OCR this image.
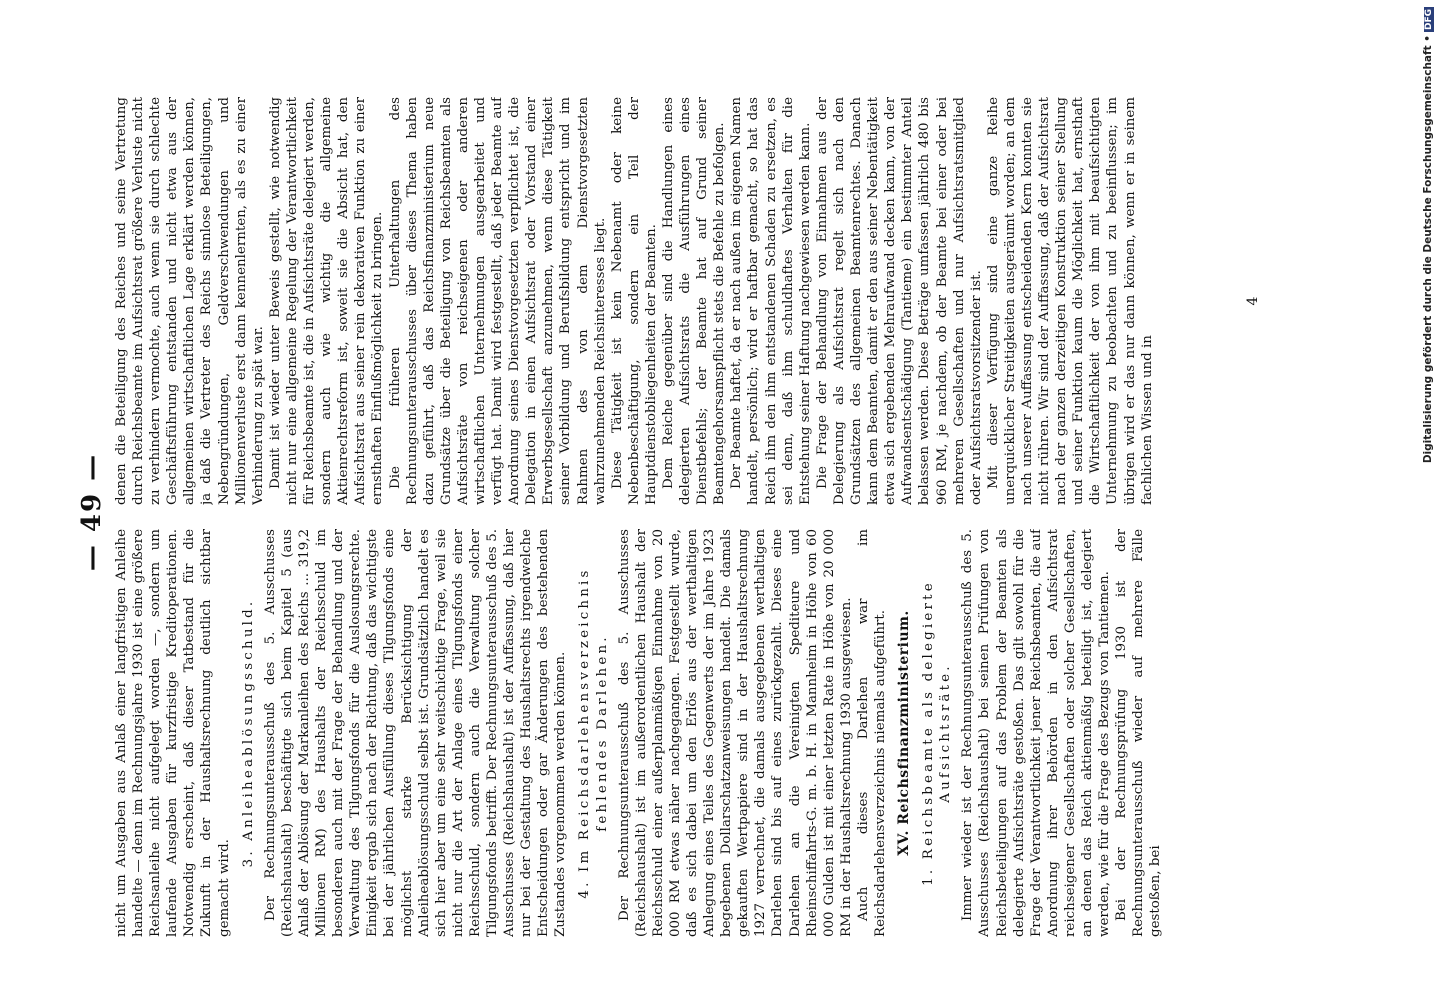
— 49 —

nicht um Ausgaben aus Anlaß einer langfristigen Anleihe handelte — denn im Rechnungsjahre 1930 ist eine größere Reichsanleihe nicht aufgelegt worden —, sondern um laufende Ausgaben für kurzfristige Kreditoperationen. Notwendig erscheint, daß dieser Tatbestand für die Zukunft in der Haushaltsrechnung deutlich sichtbar gemacht wird.

3. Anleiheablösungsschuld. Der Rechnungsunterausschuß des 5. Ausschusses (Reichshaushalt) beschäftigte sich beim Kapitel 5 (aus Anlaß der Ablösung der Markanleihen des Reichs ... 319,2 Millionen RM) des Haushalts der Reichsschuld im besonderen auch mit der Frage der Behandlung und der Verwaltung des Tilgungsfonds für die Auslosungsrechte. Einigkeit ergab sich nach der Richtung, daß das wichtigste bei der jährlichen Ausfüllung dieses Tilgungsfonds eine möglichst starke Berücksichtigung der Anleiheablösungsschuld selbst ist. Grundsätzlich handelt es sich hier aber um eine sehr weitschichtige Frage, weil sie nicht nur die Art der Anlage eines Tilgungsfonds einer Reichsschuld, sondern auch die Verwaltung solcher Tilgungsfonds betrifft. Der Rechnungsunterausschuß des 5. Ausschusses (Reichshaushalt) ist der Auffassung, daß hier nur bei der Gestaltung des Haushaltsrechts irgendwelche Entscheidungen oder gar Änderungen des bestehenden Zustandes vorgenommen werden können. 4. Im Reichsdarlehensverzeichnis fehlendes Darlehen. Der Rechnungsunterausschuß des 5. Ausschusses (Reichshaushalt) ist im außerordentlichen Haushalt der Reichsschuld einer außerplanmäßigen Einnahme von 20 000 RM etwas näher nachgegangen. Festgestellt wurde, daß es sich dabei um den Erlös aus der werthaltigen Anlegung eines Teiles des Gegenwerts der im Jahre 1923 begebenen Dollarschatzanweisungen handelt. Die damals gekauften Wertpapiere sind in der Haushaltsrechnung 1927 verrechnet, die damals ausgegebenen werthaltigen Darlehen sind bis auf eines zurückgezahlt. Dieses eine Darlehen an die Vereinigten Spediteure und Rheinschiffahrts-G. m. b. H. in Mannheim in Höhe von 60 000 Gulden ist mit einer letzten Rate in Höhe von 20 000 RM in der Haushaltsrechnung 1930 ausgewiesen. Auch dieses Darlehen war im Reichsdarlehensverzeichnis niemals aufgeführt. XV. Reichsfinanzministerium. 1. Reichsbeamte als delegierte Aufsichtsräte. Immer wieder ist der Rechnungsunterausschuß des 5. Ausschusses (Reichshaushalt) bei seinen Prüfungen von Reichsbeteiligungen auf das Problem der Beamten als delegierte Aufsichtsräte gestoßen. Das gilt sowohl für die Frage der Verantwortlichkeit jener Reichsbeamten, die auf Anordnung ihrer Behörden in den Aufsichtsrat reichseigener Gesellschaften oder solcher Gesellschaften, an denen das Reich aktienmäßig beteiligt ist, delegiert werden, wie für die Frage des Bezugs von Tantiemen. Bei der Rechnungsprüfung 1930 ist der Rechnungsunterausschuß wieder auf mehrere Fälle gestoßen, bei

denen die Beteiligung des Reiches und seine Vertretung durch Reichsbeamte im Aufsichtsrat größere Verluste nicht zu verhindern vermochte, auch wenn sie durch schlechte Geschäftsführung entstanden und nicht etwa aus der allgemeinen wirtschaftlichen Lage erklärt werden können, ja daß die Vertreter des Reichs sinnlose Beteiligungen, Nebengründungen, Geldverschwendungen und Millionenverluste erst dann kennenlernten, als es zu einer Verhinderung zu spät war. Damit ist wieder unter Beweis gestellt, wie notwendig nicht nur eine allgemeine Regelung der Verantwortlichkeit für Reichsbeamte ist, die in Aufsichtsräte delegiert werden, sondern auch wie wichtig die allgemeine Aktienrechtsreform ist, soweit sie die Absicht hat, den Aufsichtsrat aus seiner rein dekorativen Funktion zu einer ernsthaften Einflußmöglichkeit zu bringen. Die früheren Unterhaltungen des Rechnungsunterausschusses über dieses Thema haben dazu geführt, daß das Reichsfinanzministerium neue Grundsätze über die Beteiligung von Reichsbeamten als Aufsichtsräte von reichseigenen oder anderen wirtschaftlichen Unternehmungen ausgearbeitet und verfügt hat. Damit wird festgestellt, daß jeder Beamte auf Anordnung seines Dienstvorgesetzten verpflichtet ist, die Delegation in einen Aufsichtsrat oder Vorstand einer Erwerbsgesellschaft anzunehmen, wenn diese Tätigkeit seiner Vorbildung und Berufsbildung entspricht und im Rahmen des von dem Dienstvorgesetzten wahrzunehmenden Reichsinteresses liegt. Diese Tätigkeit ist kein Nebenamt oder keine Nebenbeschäftigung, sondern ein Teil der Hauptdienstobliegenheiten der Beamten. Dem Reiche gegenüber sind die Handlungen eines delegierten Aufsichtsrats die Ausführungen eines Dienstbefehls; der Beamte hat auf Grund seiner Beamtengehorsamspflicht stets die Befehle zu befolgen. Der Beamte haftet, da er nach außen im eigenen Namen handelt, persönlich; wird er haftbar gemacht, so hat das Reich ihm den ihm entstandenen Schaden zu ersetzen, es sei denn, daß ihm schuldhaftes Verhalten für die Entstehung seiner Haftung nachgewiesen werden kann. Die Frage der Behandlung von Einnahmen aus der Delegierung als Aufsichtsrat regelt sich nach den Grundsätzen des allgemeinen Beamtenrechtes. Danach kann dem Beamten, damit er den aus seiner Nebentätigkeit etwa sich ergebenden Mehraufwand decken kann, von der Aufwandsentschädigung (Tantieme) ein bestimmter Anteil belassen werden. Diese Beträge umfassen jährlich 480 bis 960 RM, je nachdem, ob der Beamte bei einer oder bei mehreren Gesellschaften und nur Aufsichtsratsmitglied oder Aufsichtsratsvorsitzender ist. Mit dieser Verfügung sind eine ganze Reihe unerquicklicher Streitigkeiten ausgeräumt worden; an dem nach unserer Auffassung entscheidenden Kern konnten sie nicht rühren. Wir sind der Auffassung, daß der Aufsichtsrat nach der ganzen derzeitigen Konstruktion seiner Stellung und seiner Funktion kaum die Möglichkeit hat, ernsthaft die Wirtschaftlichkeit der von ihm mit beaufsichtigten Unternehmung zu beobachten und zu beeinflussen; im übrigen wird er das nur dann können, wenn er in seinem fachlichen Wissen und in

4	Digitalisierung gefördert durch die Deutsche Forschungsgemeinschaft •DFG
